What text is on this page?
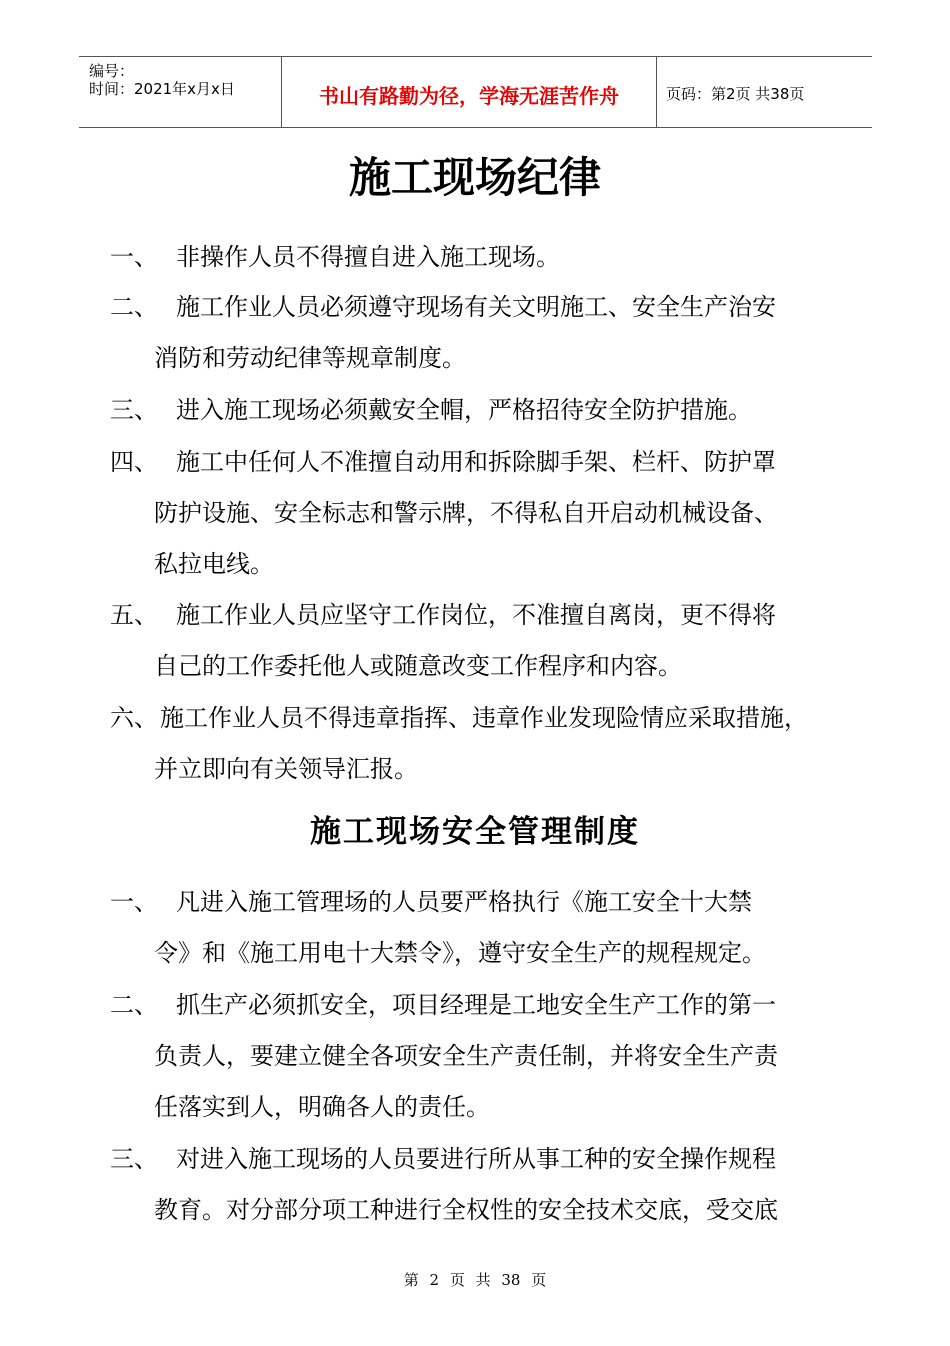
编号：
时间：2021年x月x日	书山有路勤为径，学海无涯苦作舟	页码：第2页 共38页
施工现场纪律
一、 非操作人员不得擅自进入施工现场。
二、 施工作业人员必须遵守现场有关文明施工、安全生产治安
消防和劳动纪律等规章制度。
三、 进入施工现场必须戴安全帽，严格招待安全防护措施。
四、 施工中任何人不准擅自动用和拆除脚手架、栏杆、防护罩
防护设施、安全标志和警示牌，不得私自开启动机械设备、
私拉电线。
五、 施工作业人员应坚守工作岗位，不准擅自离岗，更不得将
自己的工作委托他人或随意改变工作程序和内容。
六、施工作业人员不得违章指挥、违章作业发现险情应采取措施，
并立即向有关领导汇报。
施工现场安全管理制度
一、 凡进入施工管理场的人员要严格执行《施工安全十大禁
令》和《施工用电十大禁令》，遵守安全生产的规程规定。
二、 抓生产必须抓安全，项目经理是工地安全生产工作的第一
负责人，要建立健全各项安全生产责任制，并将安全生产责
任落实到人，明确各人的责任。
三、 对进入施工现场的人员要进行所从事工种的安全操作规程
教育。对分部分项工种进行全权性的安全技术交底，受交底
第 2 页 共 38 页
